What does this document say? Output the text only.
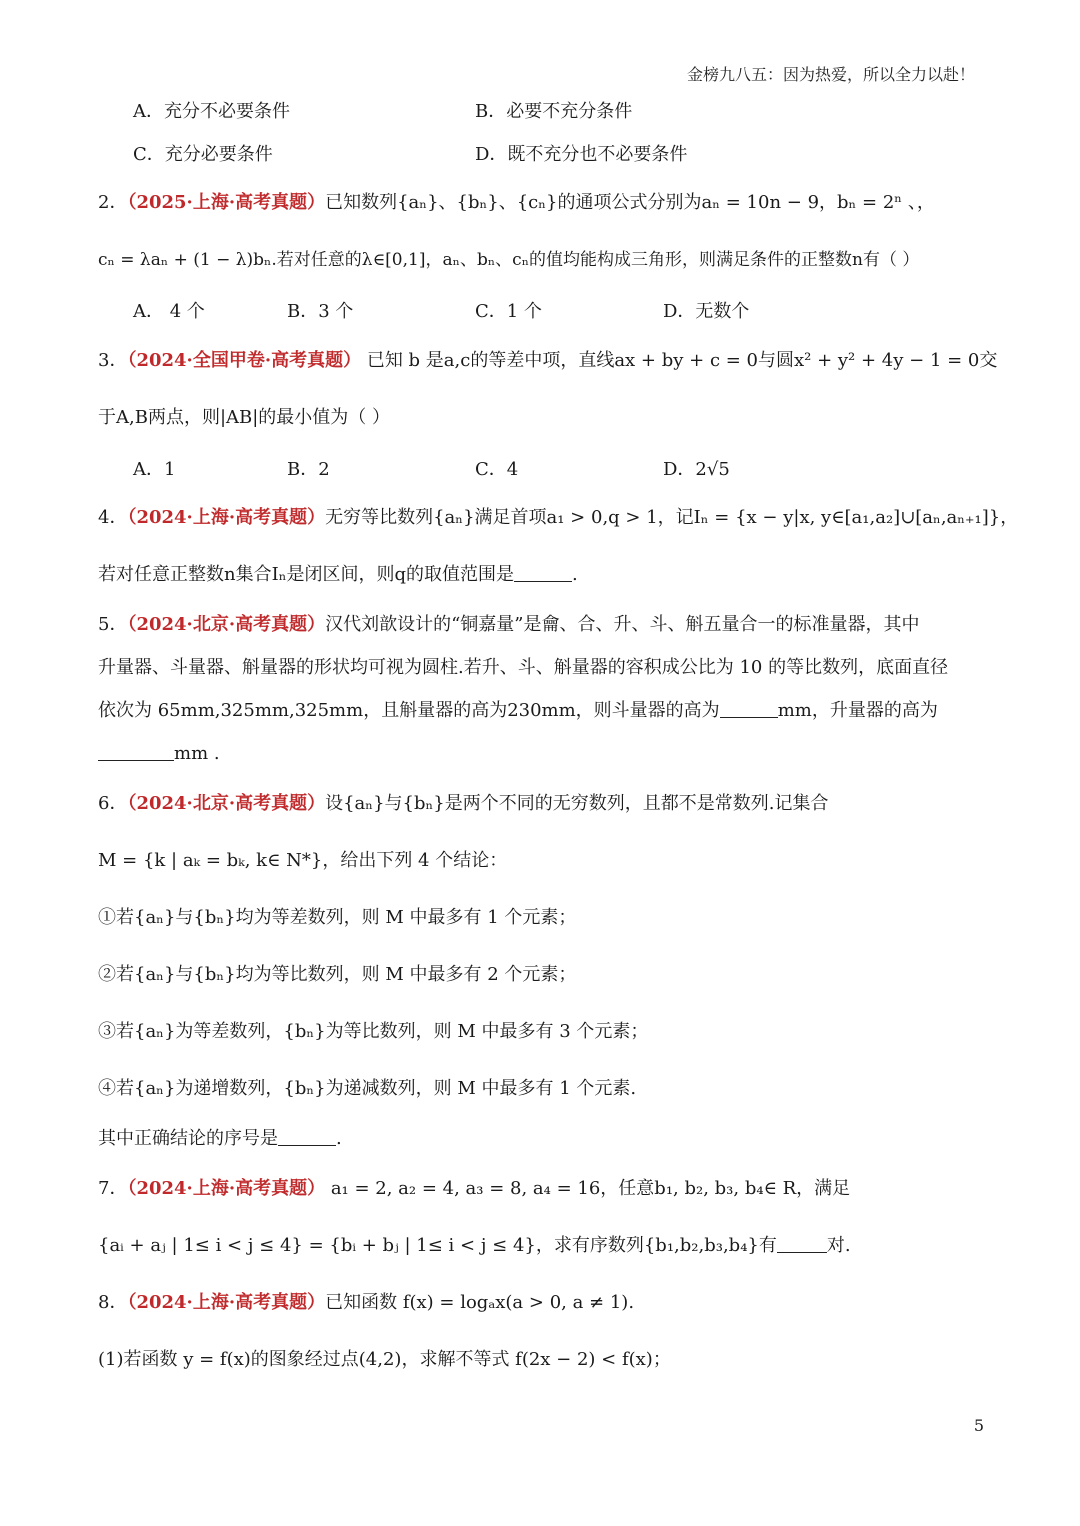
金榜九八五：因为热爱，所以全力以赴！
A．充分不必要条件	B．必要不充分条件
C．充分必要条件	D．既不充分也不必要条件
2．（2025·上海·高考真题）已知数列{aₙ}、{bₙ}、{cₙ}的通项公式分别为aₙ = 10n − 9，bₙ = 2ⁿ 、，
cₙ = λaₙ + (1 − λ)bₙ.若对任意的λ∈[0,1]，aₙ、bₙ、cₙ的值均能构成三角形，则满足条件的正整数n有（ ）
A． 4 个	B．3 个	C．1 个	D．无数个
3．（2024·全国甲卷·高考真题） 已知 b 是a,c的等差中项，直线ax + by + c = 0与圆x² + y² + 4y − 1 = 0交
于A,B两点，则|AB|的最小值为（ ）
A．1	B．2	C．4	D．2√5
4．（2024·上海·高考真题）无穷等比数列{aₙ}满足首项a₁ > 0,q > 1，记Iₙ = {x − y|x, y∈[a₁,a₂]∪[aₙ,aₙ₊₁]}，
若对任意正整数n集合Iₙ是闭区间，则q的取值范围是	.
5．（2024·北京·高考真题）汉代刘歆设计的“铜嘉量”是龠、合、升、斗、斛五量合一的标准量器，其中
升量器、斗量器、斛量器的形状均可视为圆柱.若升、斗、斛量器的容积成公比为 10 的等比数列，底面直径
依次为 65mm,325mm,325mm，且斛量器的高为230mm，则斗量器的高为	mm，升量器的高为
mm .
6．（2024·北京·高考真题）设{aₙ}与{bₙ}是两个不同的无穷数列，且都不是常数列.记集合
M = {k | aₖ = bₖ, k∈ N*}，给出下列 4 个结论：
①若{aₙ}与{bₙ}均为等差数列，则 M 中最多有 1 个元素；
②若{aₙ}与{bₙ}均为等比数列，则 M 中最多有 2 个元素；
③若{aₙ}为等差数列，{bₙ}为等比数列，则 M 中最多有 3 个元素；
④若{aₙ}为递增数列，{bₙ}为递减数列，则 M 中最多有 1 个元素.
其中正确结论的序号是	.
7．（2024·上海·高考真题） a₁ = 2, a₂ = 4, a₃ = 8, a₄ = 16，任意b₁, b₂, b₃, b₄∈ R，满足
{aᵢ + aⱼ | 1≤ i < j ≤ 4} = {bᵢ + bⱼ | 1≤ i < j ≤ 4}，求有序数列{b₁,b₂,b₃,b₄}有	对.
8．（2024·上海·高考真题）已知函数 f(x) = logₐx(a > 0, a ≠ 1).
(1)若函数 y = f(x)的图象经过点(4,2)，求解不等式 f(2x − 2) < f(x)；
5
